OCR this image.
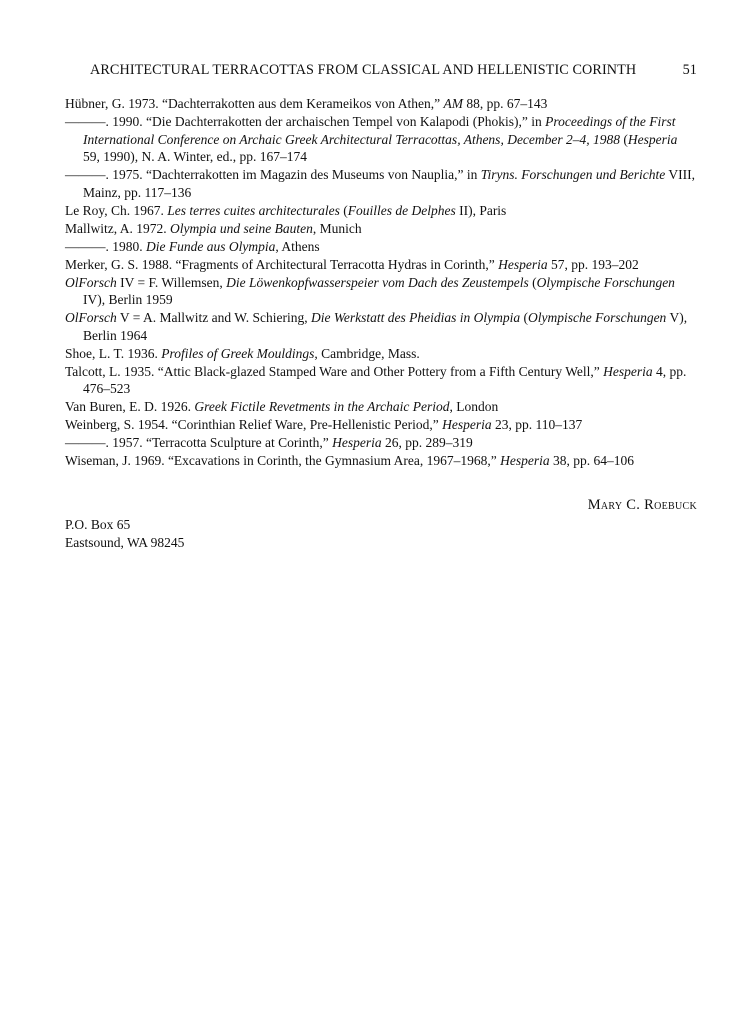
ARCHITECTURAL TERRACOTTAS FROM CLASSICAL AND HELLENISTIC CORINTH	51
Hübner, G. 1973. “Dachterrakotten aus dem Kerameikos von Athen,” AM 88, pp. 67–143
———. 1990. “Die Dachterrakotten der archaischen Tempel von Kalapodi (Phokis),” in Proceedings of the First International Conference on Archaic Greek Architectural Terracottas, Athens, December 2–4, 1988 (Hesperia 59, 1990), N. A. Winter, ed., pp. 167–174
———. 1975. “Dachterrakotten im Magazin des Museums von Nauplia,” in Tiryns. Forschungen und Berichte VIII, Mainz, pp. 117–136
Le Roy, Ch. 1967. Les terres cuites architecturales (Fouilles de Delphes II), Paris
Mallwitz, A. 1972. Olympia und seine Bauten, Munich
———. 1980. Die Funde aus Olympia, Athens
Merker, G. S. 1988. “Fragments of Architectural Terracotta Hydras in Corinth,” Hesperia 57, pp. 193–202
OlForsch IV = F. Willemsen, Die Löwenkopfwasserspeier vom Dach des Zeustempels (Olympische Forschungen IV), Berlin 1959
OlForsch V = A. Mallwitz and W. Schiering, Die Werkstatt des Pheidias in Olympia (Olympische Forschungen V), Berlin 1964
Shoe, L. T. 1936. Profiles of Greek Mouldings, Cambridge, Mass.
Talcott, L. 1935. “Attic Black-glazed Stamped Ware and Other Pottery from a Fifth Century Well,” Hesperia 4, pp. 476–523
Van Buren, E. D. 1926. Greek Fictile Revetments in the Archaic Period, London
Weinberg, S. 1954. “Corinthian Relief Ware, Pre-Hellenistic Period,” Hesperia 23, pp. 110–137
———. 1957. “Terracotta Sculpture at Corinth,” Hesperia 26, pp. 289–319
Wiseman, J. 1969. “Excavations in Corinth, the Gymnasium Area, 1967–1968,” Hesperia 38, pp. 64–106
Mary C. Roebuck
P.O. Box 65
Eastsound, WA 98245
